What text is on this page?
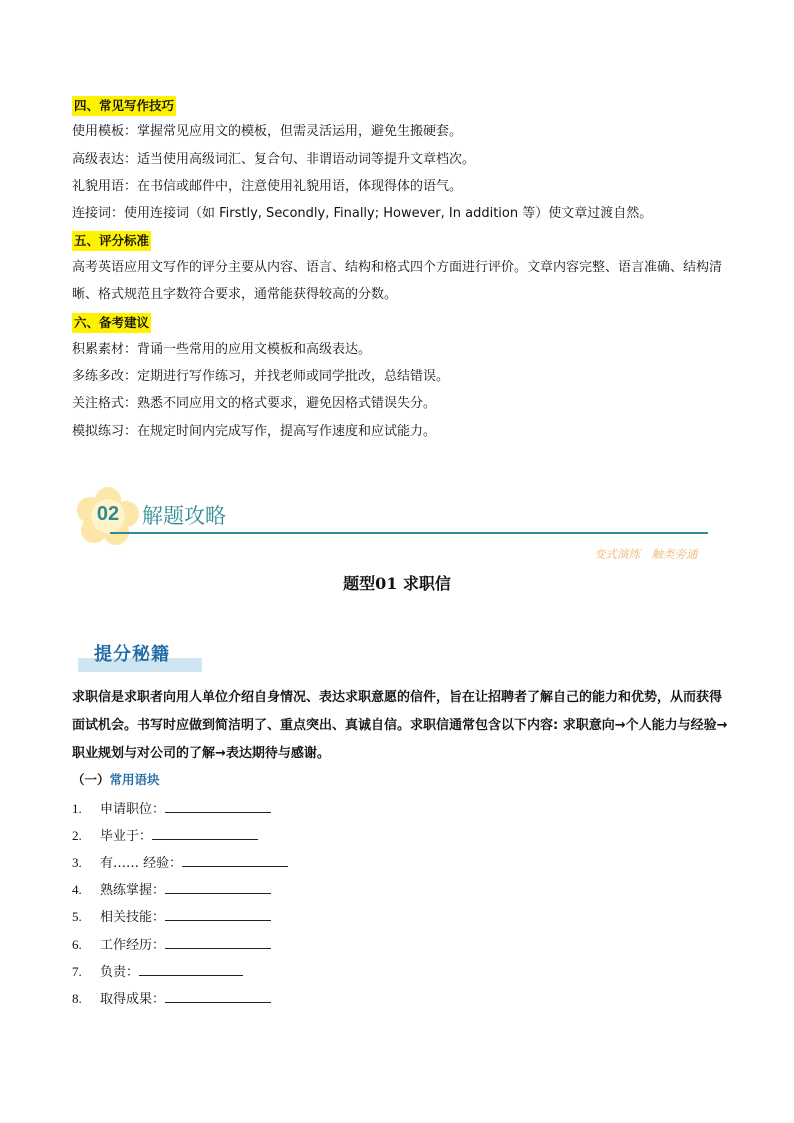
四、常见写作技巧
使用模板：掌握常见应用文的模板，但需灵活运用，避免生搬硬套。
高级表达：适当使用高级词汇、复合句、非谓语动词等提升文章档次。
礼貌用语：在书信或邮件中，注意使用礼貌用语，体现得体的语气。
连接词：使用连接词（如 Firstly, Secondly, Finally; However, In addition 等）使文章过渡自然。
五、评分标准
高考英语应用文写作的评分主要从内容、语言、结构和格式四个方面进行评价。文章内容完整、语言准确、结构清晰、格式规范且字数符合要求，通常能获得较高的分数。
六、备考建议
积累素材：背诵一些常用的应用文模板和高级表达。
多练多改：定期进行写作练习，并找老师或同学批改，总结错误。
关注格式：熟悉不同应用文的格式要求，避免因格式错误失分。
模拟练习：在规定时间内完成写作，提高写作速度和应试能力。
02	解题攻略
变式演练　触类旁通
题型01 求职信
提分秘籍
求职信是求职者向用人单位介绍自身情况、表达求职意愿的信件，旨在让招聘者了解自己的能力和优势，从而获得面试机会。书写时应做到简洁明了、重点突出、真诚自信。求职信通常包含以下内容: 求职意向→个人能力与经验→职业规划与对公司的了解→表达期待与感谢。
（一）常用语块
1. 申请职位：
2. 毕业于：
3. 有…… 经验：
4. 熟练掌握：
5. 相关技能：
6. 工作经历：
7. 负责：
8. 取得成果：
